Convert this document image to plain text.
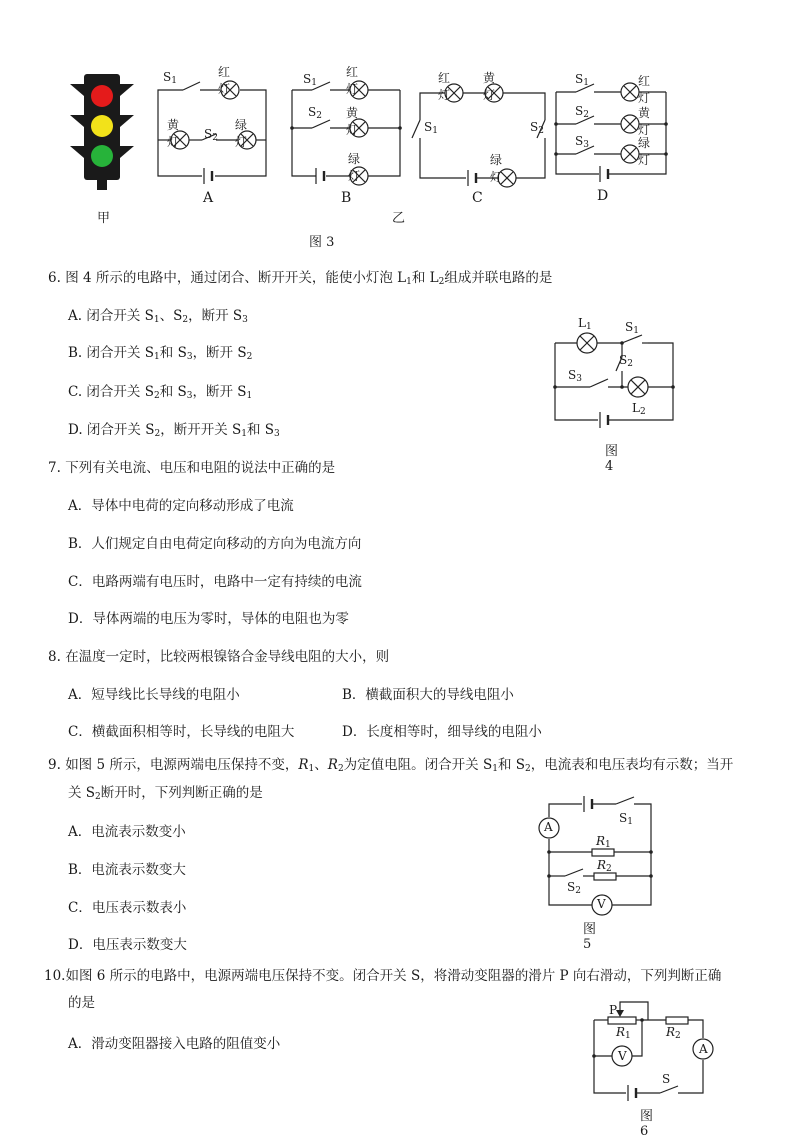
$S_1$
红灯
黄灯
$S_2$
绿灯
$S_1$
红灯
$S_2$ 黄灯
绿灯
红灯
黄灯
$S_1$	$S_2$
绿灯
$S_1$	红灯
$S_2$	黄灯
$S_3$	绿灯
A	B	C	D
甲	乙
图 3
6. 图 4 所示的电路中，通过闭合、断开开关，能使小灯泡 $L_1$和 $L_2$组成并联电路的是
A. 闭合开关 $S_1$、$S_2$，断开 $S_3$
B. 闭合开关 $S_1$和 $S_3$，断开 $S_2$
C. 闭合开关 $S_2$和 $S_3$，断开 $S_1$
D. 闭合开关 $S_2$，断开开关 $S_1$和 $S_3$
$L_1$	$S_1$
$S_2$
$S_3$
$L_2$
图 4
7. 下列有关电流、电压和电阻的说法中正确的是
A．导体中电荷的定向移动形成了电流
B．人们规定自由电荷定向移动的方向为电流方向
C．电路两端有电压时，电路中一定有持续的电流
D．导体两端的电压为零时，导体的电阻也为零
8. 在温度一定时，比较两根镍铬合金导线电阻的大小，则
A．短导线比长导线的电阻小	B．横截面积大的导线电阻小
C．横截面积相等时，长导线的电阻大	D．长度相等时，细导线的电阻小
9. 如图 5 所示，电源两端电压保持不变，$R_1$、$R_2$为定值电阻。闭合开关 $S_1$和 $S_2$，电流表和电压表均有示数；当开
关 $S_2$断开时，下列判断正确的是
A．电流表示数变小
B．电流表示数变大
C．电压表示数表小
D．电压表示数变大
A
V
$S_1$
$R_1$
$R_2$
$S_2$
图 5
10.如图 6 所示的电路中，电源两端电压保持不变。闭合开关 S，将滑动变阻器的滑片 P 向右滑动，下列判断正确
的是
A．滑动变阻器接入电路的阻值变小
P
$R_1$	$R_2$
V	A
S
图 6
